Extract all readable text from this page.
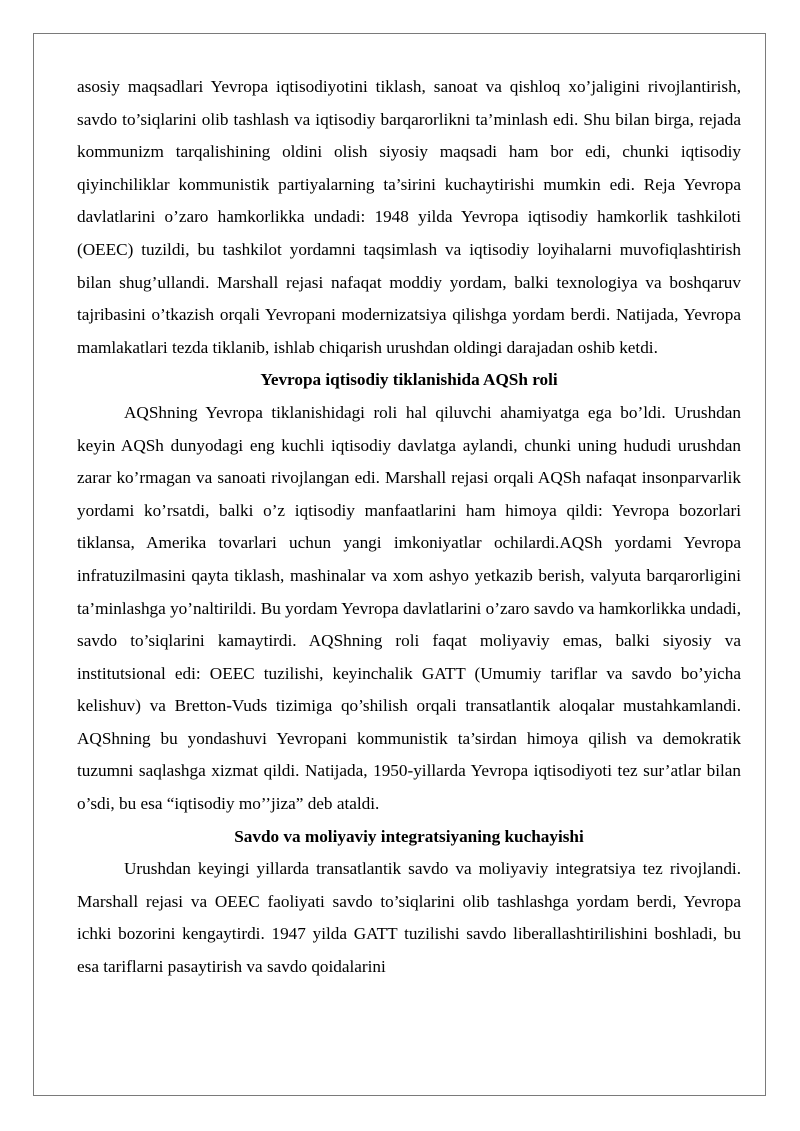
asosiy maqsadlari Yevropa iqtisodiyotini tiklash, sanoat va qishloq xo’jaligini rivojlantirish, savdo to’siqlarini olib tashlash va iqtisodiy barqarorlikni ta’minlash edi. Shu bilan birga, rejada kommunizm tarqalishining oldini olish siyosiy maqsadi ham bor edi, chunki iqtisodiy qiyinchiliklar kommunistik partiyalarning ta’sirini kuchaytirishi mumkin edi. Reja Yevropa davlatlarini o’zaro hamkorlikka undadi: 1948 yilda Yevropa iqtisodiy hamkorlik tashkiloti (OEEC) tuzildi, bu tashkilot yordamni taqsimlash va iqtisodiy loyihalarni muvofiqlashtirish bilan shug’ullandi. Marshall rejasi nafaqat moddiy yordam, balki texnologiya va boshqaruv tajribasini o’tkazish orqali Yevropani modernizatsiya qilishga yordam berdi. Natijada, Yevropa mamlakatlari tezda tiklanib, ishlab chiqarish urushdan oldingi darajadan oshib ketdi.

Yevropa iqtisodiy tiklanishida AQSh roli

AQShning Yevropa tiklanishidagi roli hal qiluvchi ahamiyatga ega bo’ldi. Urushdan keyin AQSh dunyodagi eng kuchli iqtisodiy davlatga aylandi, chunki uning hududi urushdan zarar ko’rmagan va sanoati rivojlangan edi. Marshall rejasi orqali AQSh nafaqat insonparvarlik yordami ko’rsatdi, balki o’z iqtisodiy manfaatlarini ham himoya qildi: Yevropa bozorlari tiklansa, Amerika tovarlari uchun yangi imkoniyatlar ochilardi.AQSh yordami Yevropa infratuzilmasini qayta tiklash, mashinalar va xom ashyo yetkazib berish, valyuta barqarorligini ta’minlashga yo’naltirildi. Bu yordam Yevropa davlatlarini o’zaro savdo va hamkorlikka undadi, savdo to’siqlarini kamaytirdi. AQShning roli faqat moliyaviy emas, balki siyosiy va institutsional edi: OEEC tuzilishi, keyinchalik GATT (Umumiy tariflar va savdo bo’yicha kelishuv) va Bretton-Vuds tizimiga qo’shilish orqali transatlantik aloqalar mustahkamlandi. AQShning bu yondashuvi Yevropani kommunistik ta’sirdan himoya qilish va demokratik tuzumni saqlashga xizmat qildi. Natijada, 1950-yillarda Yevropa iqtisodiyoti tez sur’atlar bilan o’sdi, bu esa “iqtisodiy mo’’jiza” deb ataldi.

Savdo va moliyaviy integratsiyaning kuchayishi

Urushdan keyingi yillarda transatlantik savdo va moliyaviy integratsiya tez rivojlandi. Marshall rejasi va OEEC faoliyati savdo to’siqlarini olib tashlashga yordam berdi, Yevropa ichki bozorini kengaytirdi. 1947 yilda GATT tuzilishi savdo liberallashtirilishini boshladi, bu esa tariflarni pasaytirish va savdo qoidalarini
